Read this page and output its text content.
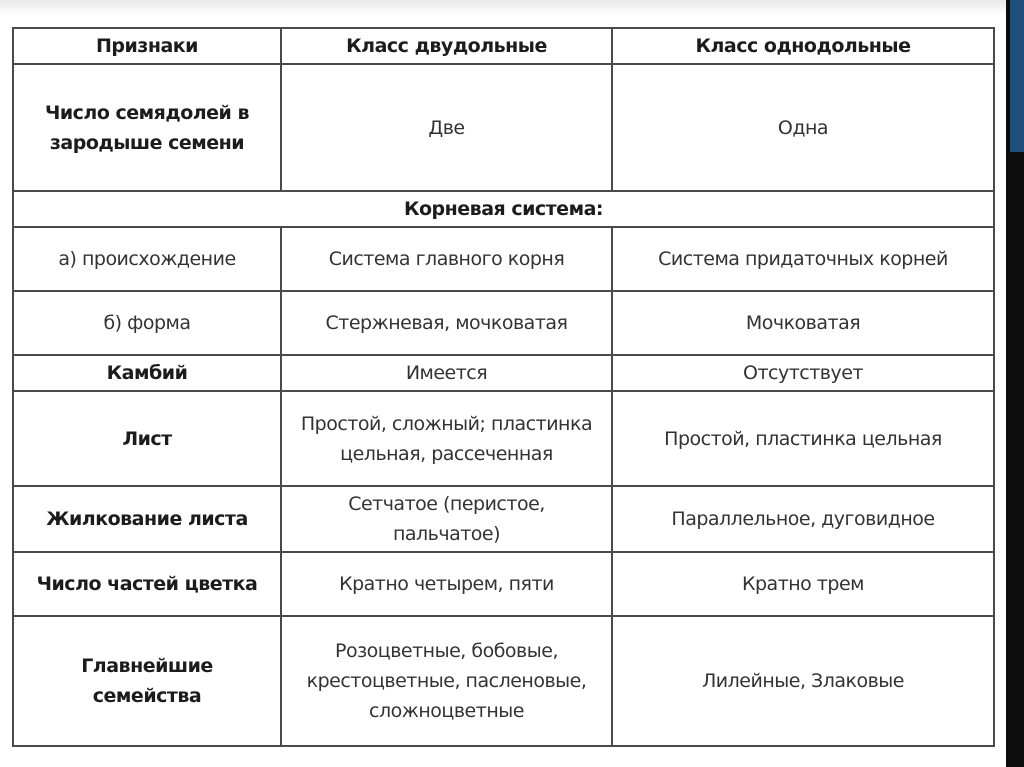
Признаки	Класс двудольные	Класс однодольные
Число семядолей в зародыше семени	Две	Одна
Корневая система:		
а) происхождение	Система главного корня	Система придаточных корней
б) форма	Стержневая, мочковатая	Мочковатая
Камбий	Имеется	Отсутствует
Лист	Простой, сложный; пластинка цельная, рассеченная	Простой, пластинка цельная
Жилкование листа	Сетчатое (перистое, пальчатое)	Параллельное, дуговидное
Число частей цветка	Кратно четырем, пяти	Кратно трем
Главнейшие семейства	Розоцветные, бобовые, крестоцветные, пасленовые, сложноцветные	Лилейные, Злаковые
